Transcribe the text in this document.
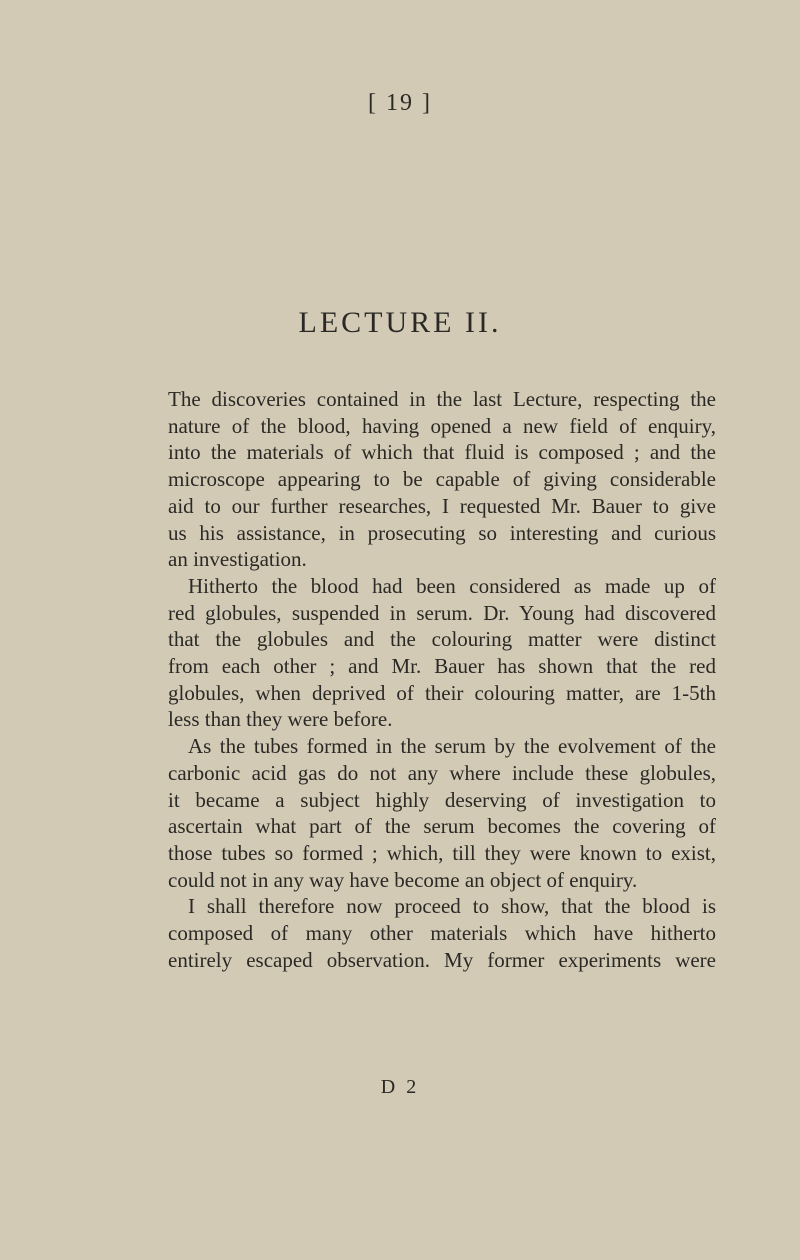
[ 19 ]
LECTURE II.
The discoveries contained in the last Lecture, respecting the
nature of the blood, having opened a new field of enquiry,
into the materials of which that fluid is composed ; and the
microscope appearing to be capable of giving considerable
aid to our further researches, I requested Mr. Bauer to give
us his assistance, in prosecuting so interesting and curious
an investigation.
Hitherto the blood had been considered as made up of
red globules, suspended in serum. Dr. Young had discovered
that the globules and the colouring matter were distinct
from each other ; and Mr. Bauer has shown that the red
globules, when deprived of their colouring matter, are 1-5th
less than they were before.
As the tubes formed in the serum by the evolvement of the
carbonic acid gas do not any where include these globules,
it became a subject highly deserving of investigation to
ascertain what part of the serum becomes the covering of
those tubes so formed ; which, till they were known to exist,
could not in any way have become an object of enquiry.
I shall therefore now proceed to show, that the blood is
composed of many other materials which have hitherto
entirely escaped observation. My former experiments were
D 2
